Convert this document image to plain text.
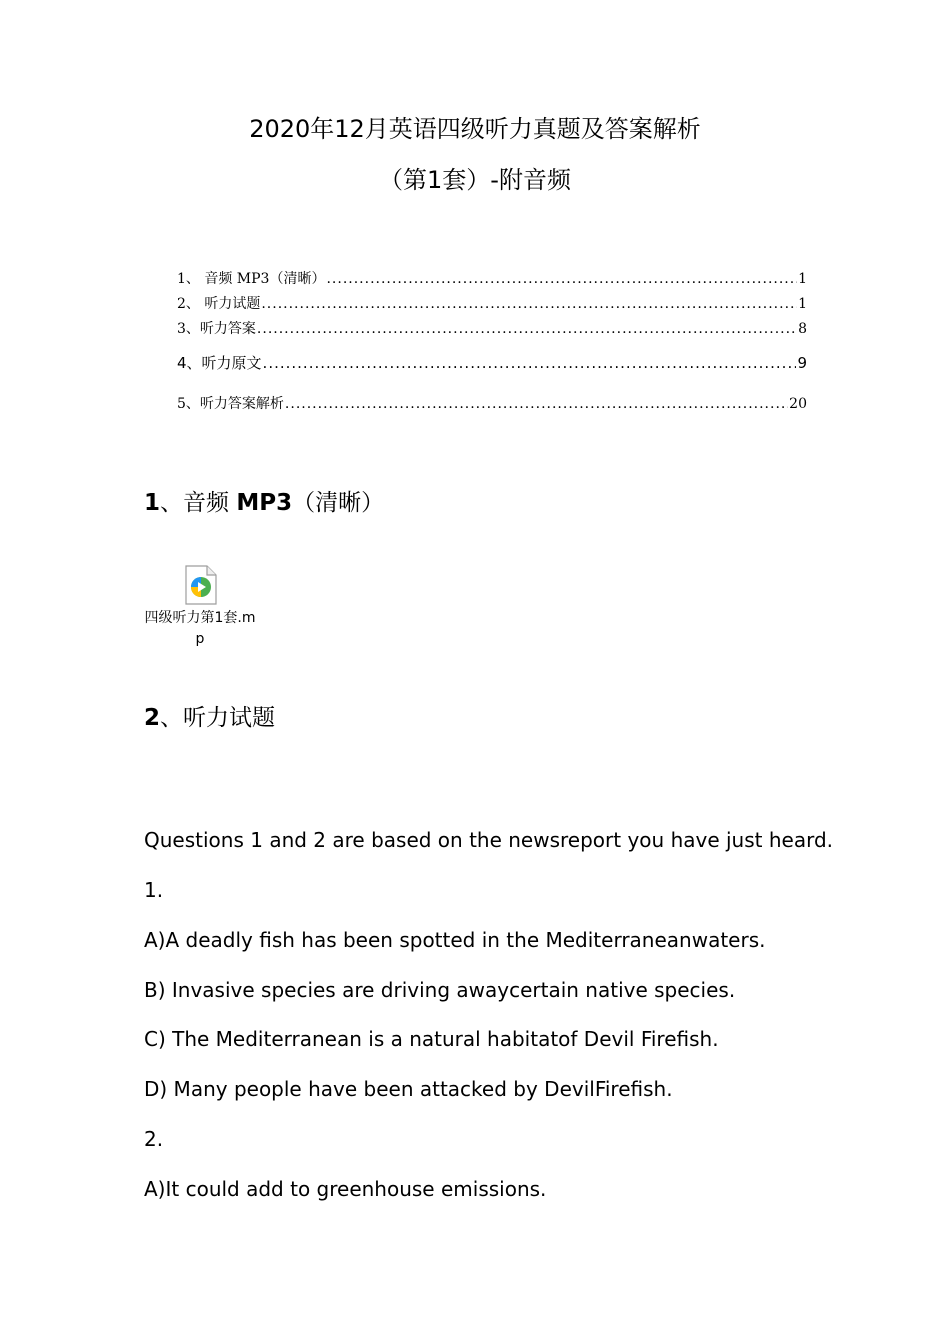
2020年12月英语四级听力真题及答案解析
（第1套）-附音频
1、 音频 MP3（清晰） .....	1
2、 听力试题 .....	1
3、听力答案 .....	8
4、听力原文 .....	9
5、听力答案解析 .....	20
1、音频 MP3（清晰）
四级听力第1套.m
p
2、听力试题
Questions 1 and 2 are based on the newsreport you have just heard.
1.
A)A deadly fish has been spotted in the Mediterraneanwaters.
B) Invasive species are driving awaycertain native species.
C) The Mediterranean is a natural habitatof Devil Firefish.
D) Many people have been attacked by DevilFirefish.
2.
A)It could add to greenhouse emissions.
